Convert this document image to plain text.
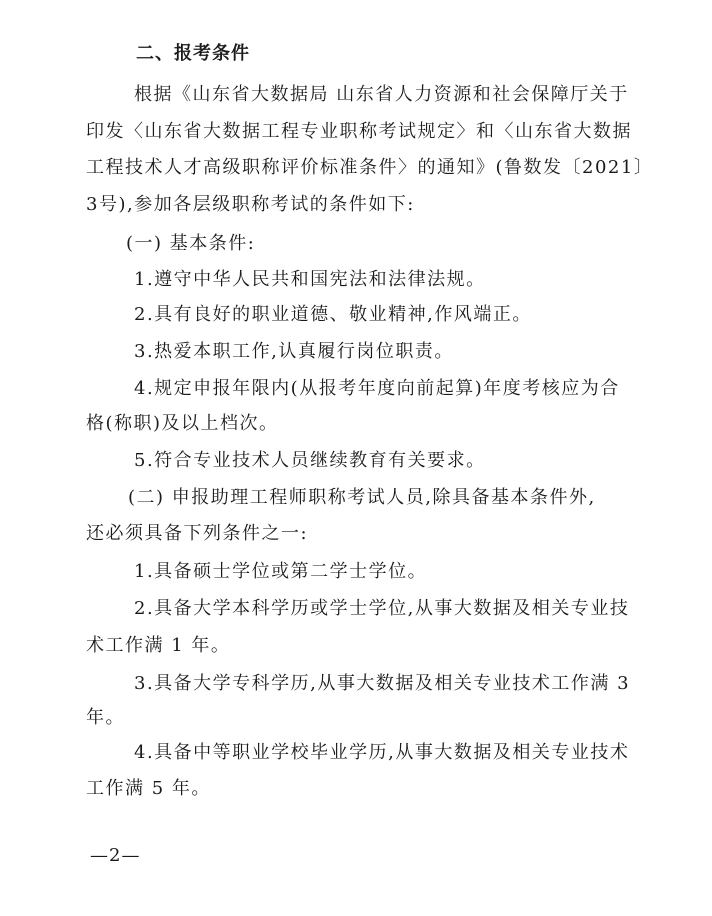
二、报考条件
根据《山东省大数据局 山东省人力资源和社会保障厅关于
印发〈山东省大数据工程专业职称考试规定〉和〈山东省大数据
工程技术人才高级职称评价标准条件〉的通知》(鲁数发〔2021〕
3号),参加各层级职称考试的条件如下:
(一) 基本条件:
1.遵守中华人民共和国宪法和法律法规。
2.具有良好的职业道德、敬业精神,作风端正。
3.热爱本职工作,认真履行岗位职责。
4.规定申报年限内(从报考年度向前起算)年度考核应为合
格(称职)及以上档次。
5.符合专业技术人员继续教育有关要求。
(二) 申报助理工程师职称考试人员,除具备基本条件外,
还必须具备下列条件之一:
1.具备硕士学位或第二学士学位。
2.具备大学本科学历或学士学位,从事大数据及相关专业技
术工作满 1 年。
3.具备大学专科学历,从事大数据及相关专业技术工作满 3
年。
4.具备中等职业学校毕业学历,从事大数据及相关专业技术
工作满 5 年。
—2—
